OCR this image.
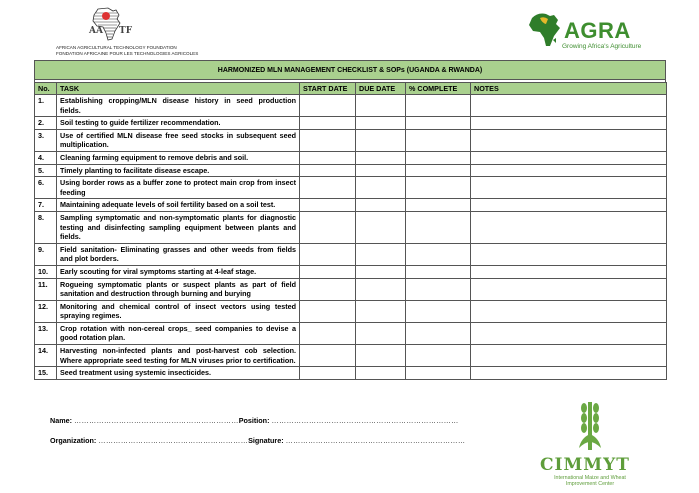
AA TF
AFRICAN AGRICULTURAL TECHNOLOGY FOUNDATION
FONDATION AFRICAINE POUR LES TECHNOLOGIES AGRICOLES
AGRA
Growing Africa's Agriculture
HARMONIZED MLN MANAGEMENT CHECKLIST & SOPs (UGANDA & RWANDA)
No.	TASK	START DATE	DUE DATE	% COMPLETE	NOTES
1.	Establishing cropping/MLN disease history in seed production fields.				
2.	Soil testing to guide fertilizer recommendation.				
3.	Use of certified MLN disease free seed stocks in subsequent seed multiplication.				
4.	Cleaning farming equipment to remove debris and soil.				
5.	Timely planting to facilitate disease escape.				
6.	Using border rows as a buffer zone to protect main crop from insect feeding				
7.	Maintaining adequate levels of soil fertility based on a soil test.				
8.	Sampling symptomatic and non-symptomatic plants for diagnostic testing and disinfecting sampling equipment between plants and fields.				
9.	Field sanitation- Eliminating grasses and other weeds from fields and plot borders.				
10.	Early scouting for viral symptoms starting at 4-leaf stage.				
11.	Rogueing symptomatic plants or suspect plants as part of field sanitation and destruction through burning and burying				
12.	Monitoring and chemical control of insect vectors using tested spraying regimes.				
13.	Crop rotation with non-cereal crops_ seed companies to devise a good rotation plan.				
14.	Harvesting non-infected plants and post-harvest cob selection. Where appropriate seed testing for MLN viruses prior to certification.				
15.	Seed treatment using systemic insecticides.				
Name: …………………………………………………………Position: …………………………………………………………………
Organization: ……………………………………………………Signature: ………………………………………………………………
CIMMYT
International Maize and Wheat
Improvement Center
